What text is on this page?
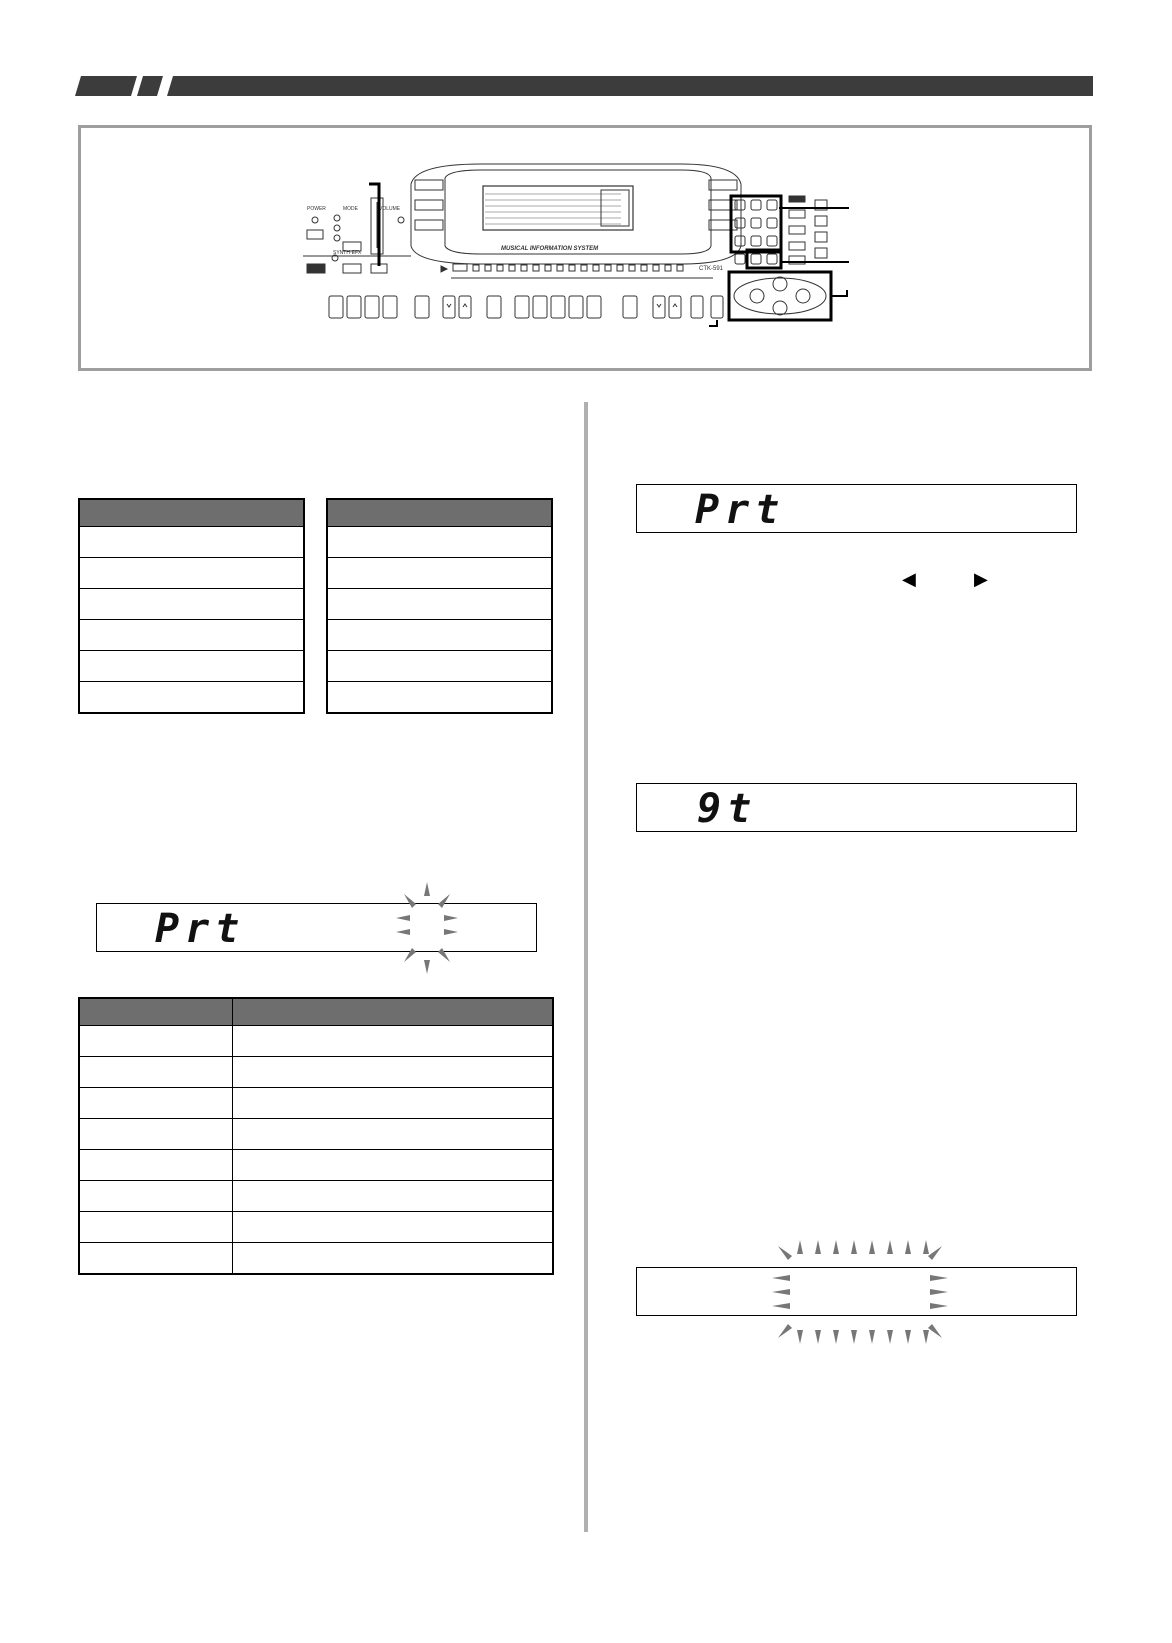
POWER	MODE	VOLUME
SYNTH·EFX
MUSICAL INFORMATION SYSTEM
CTK-591

Prt

Prt
◀	▶
9t
